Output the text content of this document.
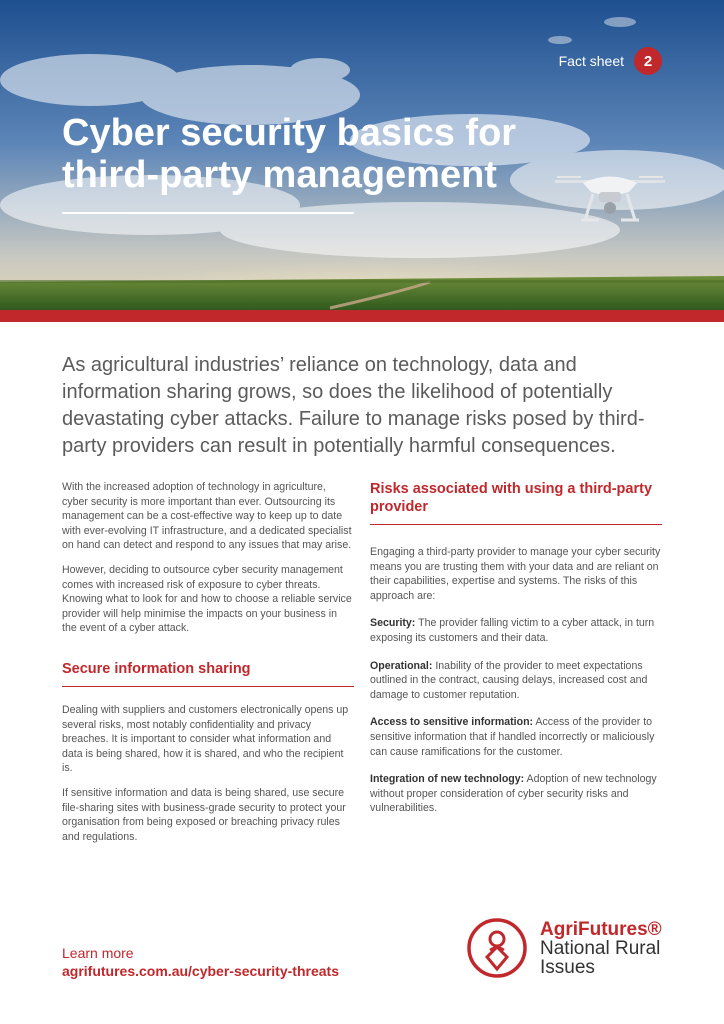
Fact sheet	2
Cyber security basics for third-party management

As agricultural industries’ reliance on technology, data and information sharing grows, so does the likelihood of potentially devastating cyber attacks. Failure to manage risks posed by third-party providers can result in potentially harmful consequences.

With the increased adoption of technology in agriculture, cyber security is more important than ever. Outsourcing its management can be a cost-effective way to keep up to date with ever-evolving IT infrastructure, and a dedicated specialist on hand can detect and respond to any issues that may arise.

However, deciding to outsource cyber security management comes with increased risk of exposure to cyber threats. Knowing what to look for and how to choose a reliable service provider will help minimise the impacts on your business in the event of a cyber attack.

Secure information sharing

Dealing with suppliers and customers electronically opens up several risks, most notably confidentiality and privacy breaches. It is important to consider what information and data is being shared, how it is shared, and who the recipient is.

If sensitive information and data is being shared, use secure file-sharing sites with business-grade security to protect your organisation from being exposed or breaching privacy rules and regulations.

Risks associated with using a third-party provider

Engaging a third-party provider to manage your cyber security means you are trusting them with your data and are reliant on their capabilities, expertise and systems. The risks of this approach are:

Security: The provider falling victim to a cyber attack, in turn exposing its customers and their data.

Operational: Inability of the provider to meet expectations outlined in the contract, causing delays, increased cost and damage to customer reputation.

Access to sensitive information: Access of the provider to sensitive information that if handled incorrectly or maliciously can cause ramifications for the customer.

Integration of new technology: Adoption of new technology without proper consideration of cyber security risks and vulnerabilities.

Learn more
agrifutures.com.au/cyber-security-threats
AgriFutures®
National Rural
Issues
